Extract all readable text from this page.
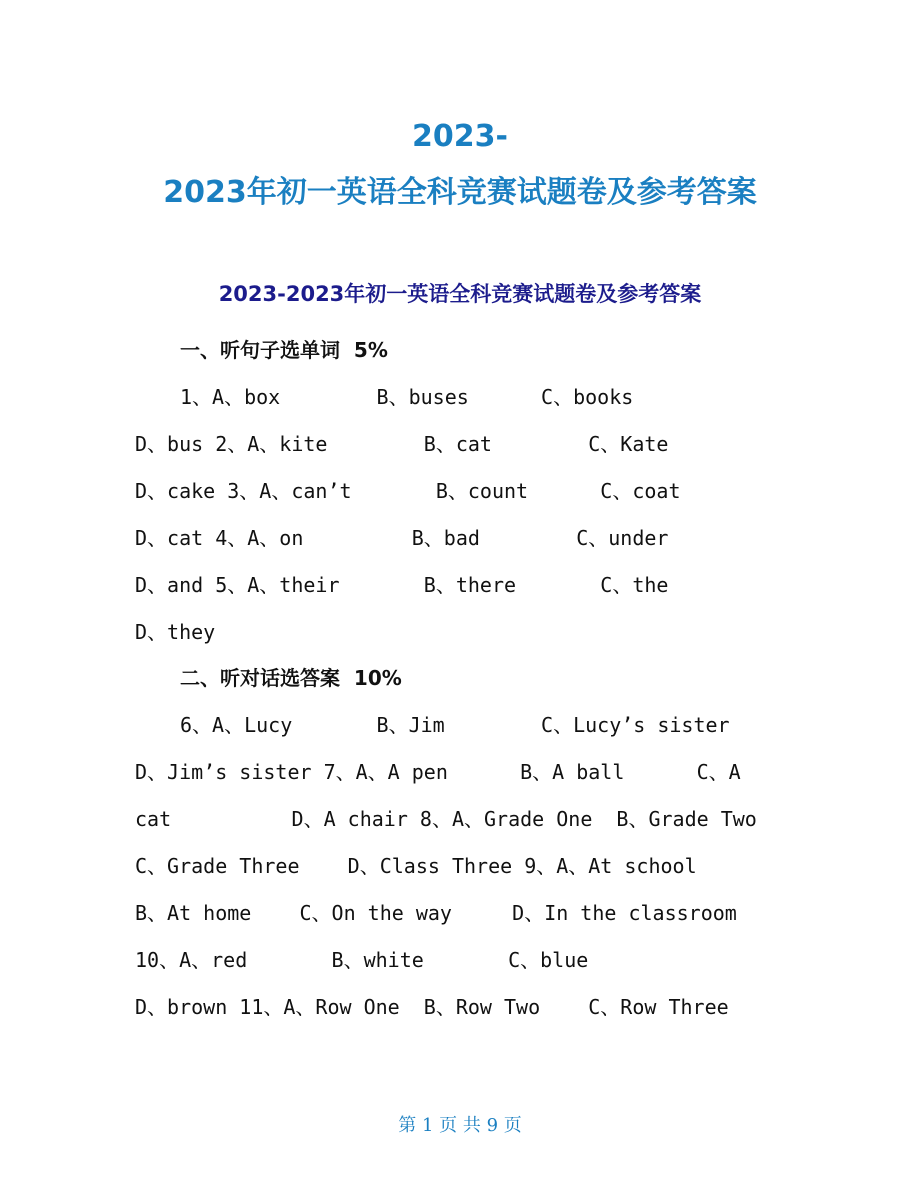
2023-
2023年初一英语全科竞赛试题卷及参考答案
2023-2023年初一英语全科竞赛试题卷及参考答案

一、听句子选单词  5%

1、A、box        B、buses      C、books

D、bus 2、A、kite        B、cat        C、Kate

D、cake 3、A、can’t       B、count      C、coat

D、cat 4、A、on         B、bad        C、under

D、and 5、A、their       B、there       C、the

D、they

二、听对话选答案  10%

6、A、Lucy       B、Jim        C、Lucy’s sister

D、Jim’s sister 7、A、A pen      B、A ball      C、A

cat          D、A chair 8、A、Grade One  B、Grade Two

C、Grade Three    D、Class Three 9、A、At school

B、At home    C、On the way     D、In the classroom

10、A、red       B、white       C、blue

D、brown 11、A、Row One  B、Row Two    C、Row Three

第 1 页 共 9 页
